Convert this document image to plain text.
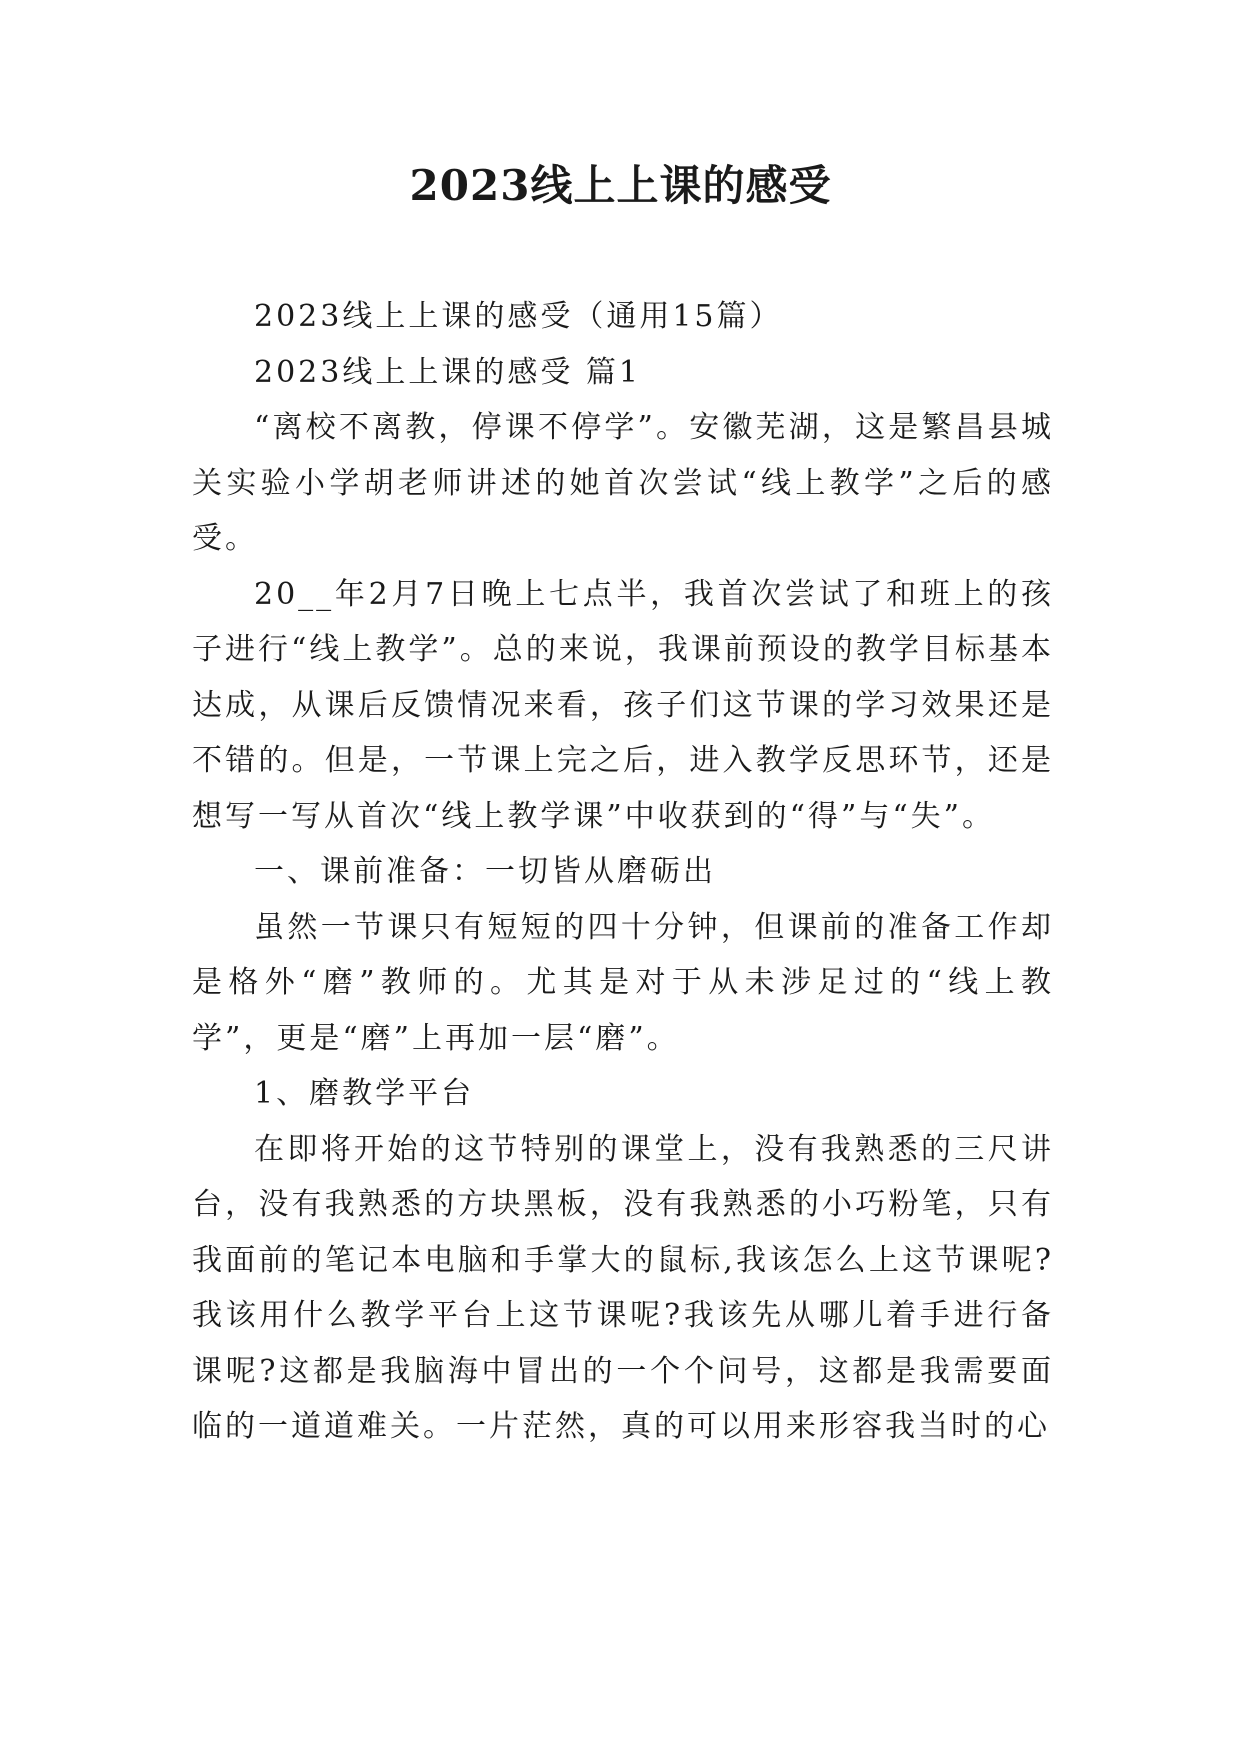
2023线上上课的感受

2023线上上课的感受（通用15篇）

2023线上上课的感受 篇1

“离校不离教，停课不停学”。安徽芜湖，这是繁昌县城关实验小学胡老师讲述的她首次尝试“线上教学”之后的感受。

20__年2月7日晚上七点半，我首次尝试了和班上的孩子进行“线上教学”。总的来说，我课前预设的教学目标基本达成，从课后反馈情况来看，孩子们这节课的学习效果还是不错的。但是，一节课上完之后，进入教学反思环节，还是想写一写从首次“线上教学课”中收获到的“得”与“失”。

一、课前准备：一切皆从磨砺出

虽然一节课只有短短的四十分钟，但课前的准备工作却是格外“磨”教师的。尤其是对于从未涉足过的“线上教学”，更是“磨”上再加一层“磨”。

1、磨教学平台

在即将开始的这节特别的课堂上，没有我熟悉的三尺讲台，没有我熟悉的方块黑板，没有我熟悉的小巧粉笔，只有我面前的笔记本电脑和手掌大的鼠标,我该怎么上这节课呢?我该用什么教学平台上这节课呢?我该先从哪儿着手进行备课呢?这都是我脑海中冒出的一个个问号，这都是我需要面临的一道道难关。一片茫然，真的可以用来形容我当时的心
